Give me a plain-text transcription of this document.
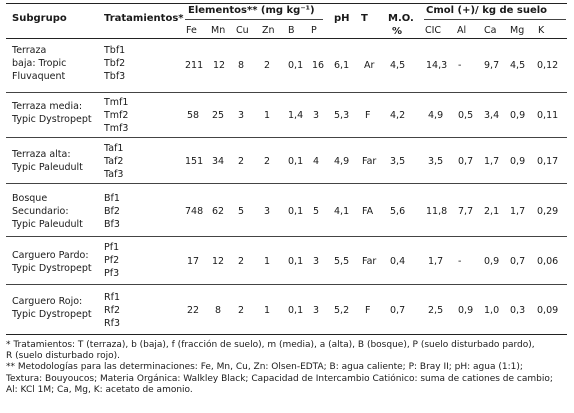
Subgrupo	Tratamientos*
Elementos** (mg kg⁻¹)
pH T M.O.
%
Cmol (+)/ kg de suelo
Fe Mn Cu Zn B P	CIC Al Ca Mg K
Terraza
baja: Tropic
Fluvaquent
Tbf1
Tbf2
Tbf3
211 12 8 2 0,1 16 6,1 Ar 4,5 14,3 - 9,7 4,5 0,12
Terraza media:
Typic Dystropept
Tmf1
Tmf2
Tmf3
58 25 3 1 1,4 3 5,3 F 4,2 4,9 0,5 3,4 0,9 0,11
Terraza alta:
Typic Paleudult
Taf1
Taf2
Taf3
151 34 2 2 0,1 4 4,9 Far 3,5 3,5 0,7 1,7 0,9 0,17
Bosque
Secundario:
Typic Paleudult
Bf1
Bf2
Bf3
748 62 5 3 0,1 5 4,1 FA 5,6 11,8 7,7 2,1 1,7 0,29
Carguero Pardo:
Typic Dystropept
Pf1
Pf2
Pf3
17 12 2 1 0,1 3 5,5 Far 0,4 1,7 - 0,9 0,7 0,06
Carguero Rojo:
Typic Dystropept
Rf1
Rf2
Rf3
22 8 2 1 0,1 3 5,2 F 0,7 2,5 0,9 1,0 0,3 0,09
* Tratamientos: T (terraza), b (baja), f (fracción de suelo), m (media), a (alta), B (bosque), P (suelo disturbado pardo),
R (suelo disturbado rojo).
** Metodologías para las determinaciones: Fe, Mn, Cu, Zn: Olsen-EDTA; B: agua caliente; P: Bray II; pH: agua (1:1);
Textura: Bouyoucos; Materia Orgánica: Walkley Black; Capacidad de Intercambio Catiónico: suma de cationes de cambio;
Al: KCl 1M; Ca, Mg, K: acetato de amonio.
